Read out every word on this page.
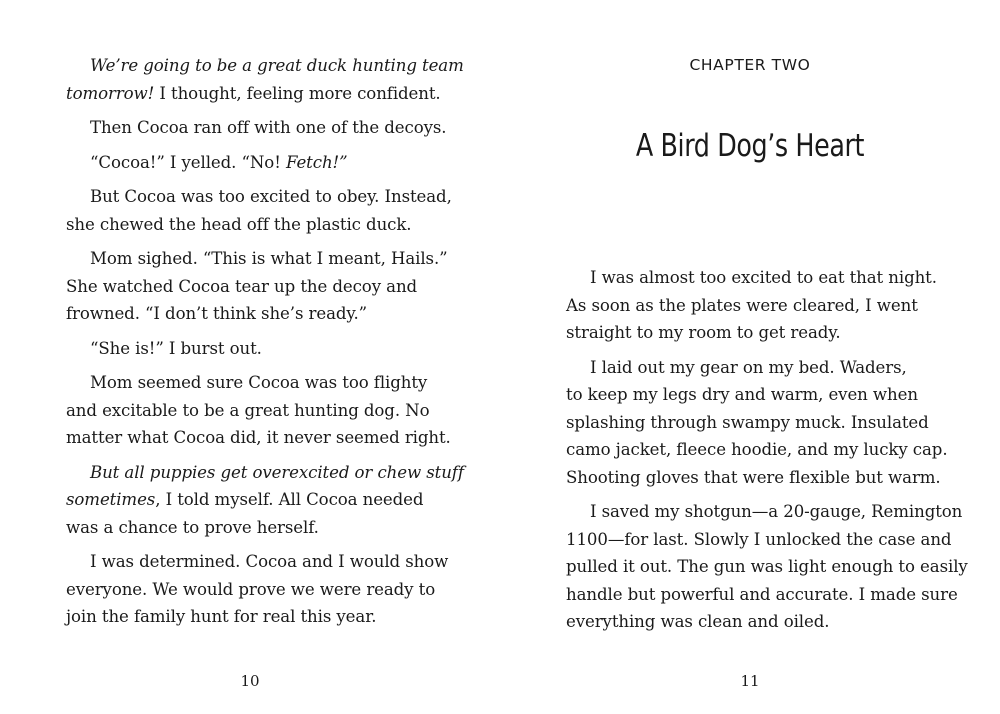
We’re going to be a great duck hunting team
tomorrow! I thought, feeling more confident.
Then Cocoa ran off with one of the decoys.
“Cocoa!” I yelled. “No! Fetch!”
But Cocoa was too excited to obey. Instead,
she chewed the head off the plastic duck.
Mom sighed. “This is what I meant, Hails.”
She watched Cocoa tear up the decoy and
frowned. “I don’t think she’s ready.”
“She is!” I burst out.
Mom seemed sure Cocoa was too flighty
and excitable to be a great hunting dog. No
matter what Cocoa did, it never seemed right.
But all puppies get overexcited or chew stuff
sometimes, I told myself. All Cocoa needed
was a chance to prove herself.
I was determined. Cocoa and I would show
everyone. We would prove we were ready to
join the family hunt for real this year.
10
CHAPTER TWO
A Bird Dog’s Heart
I was almost too excited to eat that night.
As soon as the plates were cleared, I went
straight to my room to get ready.
I laid out my gear on my bed. Waders,
to keep my legs dry and warm, even when
splashing through swampy muck. Insulated
camo jacket, fleece hoodie, and my lucky cap.
Shooting gloves that were flexible but warm.
I saved my shotgun—a 20-gauge, Remington
1100—for last. Slowly I unlocked the case and
pulled it out. The gun was light enough to easily
handle but powerful and accurate. I made sure
everything was clean and oiled.
11
